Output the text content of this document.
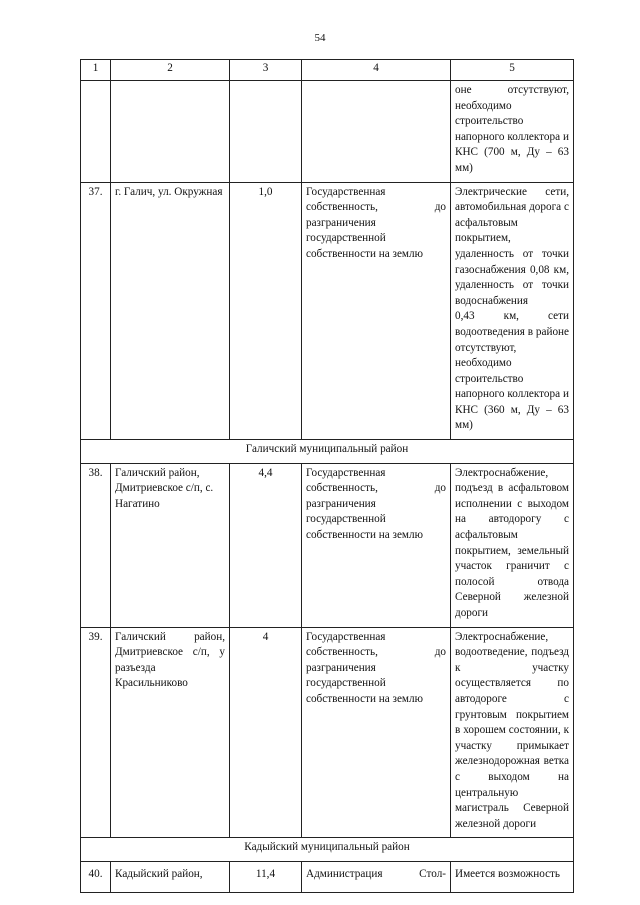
54
1	2	3	4	5
				оне отсутствуют, необходимо строительство напорного коллектора и КНС (700 м, Ду – 63 мм)
37.	г. Галич, ул. Окружная	1,0	Государственная собственность, до разграничения государственной собственности на землю	Электрические сети, автомобильная дорога с асфальтовым покрытием, удаленность от точки газоснабжения 0,08 км, удаленность от точки водоснабжения
0,43 км, сети водоотведения в районе отсутствуют, необходимо строительство напорного коллектора и КНС (360 м, Ду – 63 мм)
Галичский муниципальный район				
38.	Галичский район, Дмитриевское с/п, с. Нагатино	4,4	Государственная собственность, до разграничения государственной собственности на землю	Электроснабжение, подъезд в асфальтовом исполнении с выходом на автодорогу с асфальтовым покрытием, земельный участок граничит с полосой отвода Северной железной дороги
39.	Галичский район, Дмитриевское с/п, у разъезда Красильниково	4	Государственная собственность, до разграничения государственной собственности на землю	Электроснабжение, водоотведение, подъезд к участку осуществляется по автодороге с грунтовым покрытием в хорошем состоянии, к участку примыкает железнодорожная ветка с выходом на центральную магистраль Северной железной дороги
Кадыйский муниципальный район				
40.	Кадыйский район,	11,4	Администрация Стол-	Имеется возможность
